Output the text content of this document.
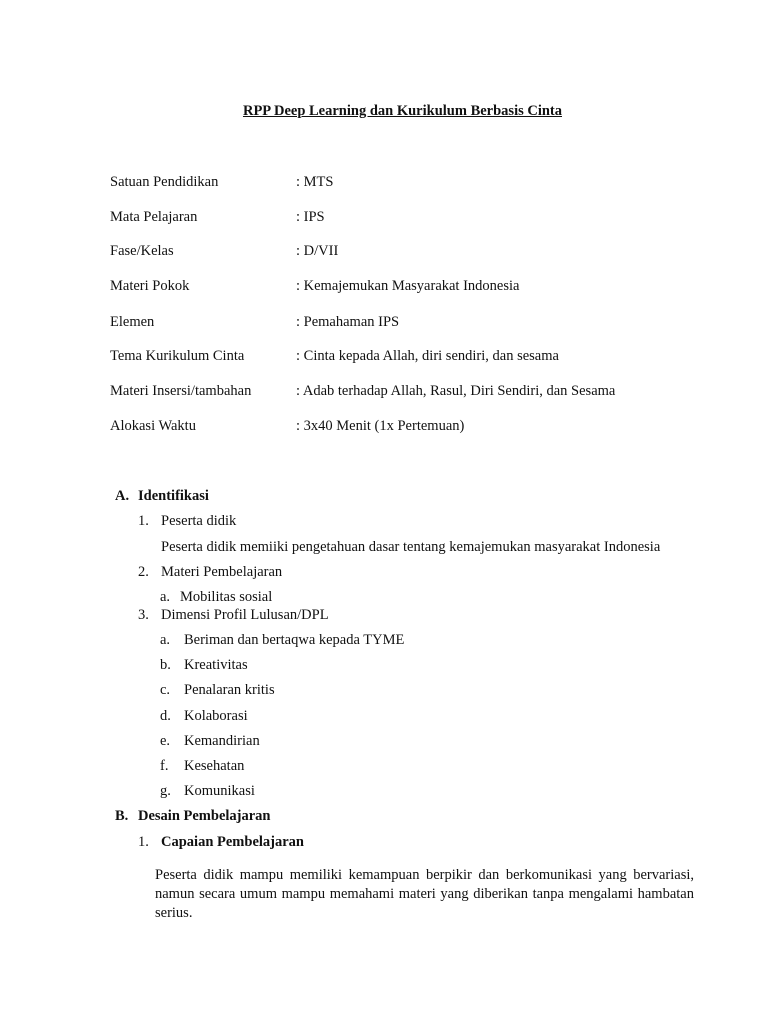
RPP Deep Learning dan Kurikulum Berbasis Cinta
Satuan Pendidikan	: MTS
Mata Pelajaran	: IPS
Fase/Kelas	: D/VII
Materi Pokok	: Kemajemukan Masyarakat Indonesia
Elemen	: Pemahaman IPS
Tema Kurikulum Cinta	: Cinta kepada Allah, diri sendiri, dan sesama
Materi Insersi/tambahan	: Adab terhadap Allah, Rasul, Diri Sendiri, dan Sesama
Alokasi Waktu	: 3x40 Menit (1x Pertemuan)
A. Identifikasi
1. Peserta didik
Peserta didik memiiki pengetahuan dasar tentang kemajemukan masyarakat Indonesia
2. Materi Pembelajaran
a. Mobilitas sosial
3. Dimensi Profil Lulusan/DPL
a. Beriman dan bertaqwa kepada TYME
b. Kreativitas
c. Penalaran kritis
d. Kolaborasi
e. Kemandirian
f. Kesehatan
g. Komunikasi
B. Desain Pembelajaran
1. Capaian Pembelajaran
Peserta didik mampu memiliki kemampuan berpikir dan berkomunikasi yang bervariasi, namun secara umum mampu memahami materi yang diberikan tanpa mengalami hambatan serius.
